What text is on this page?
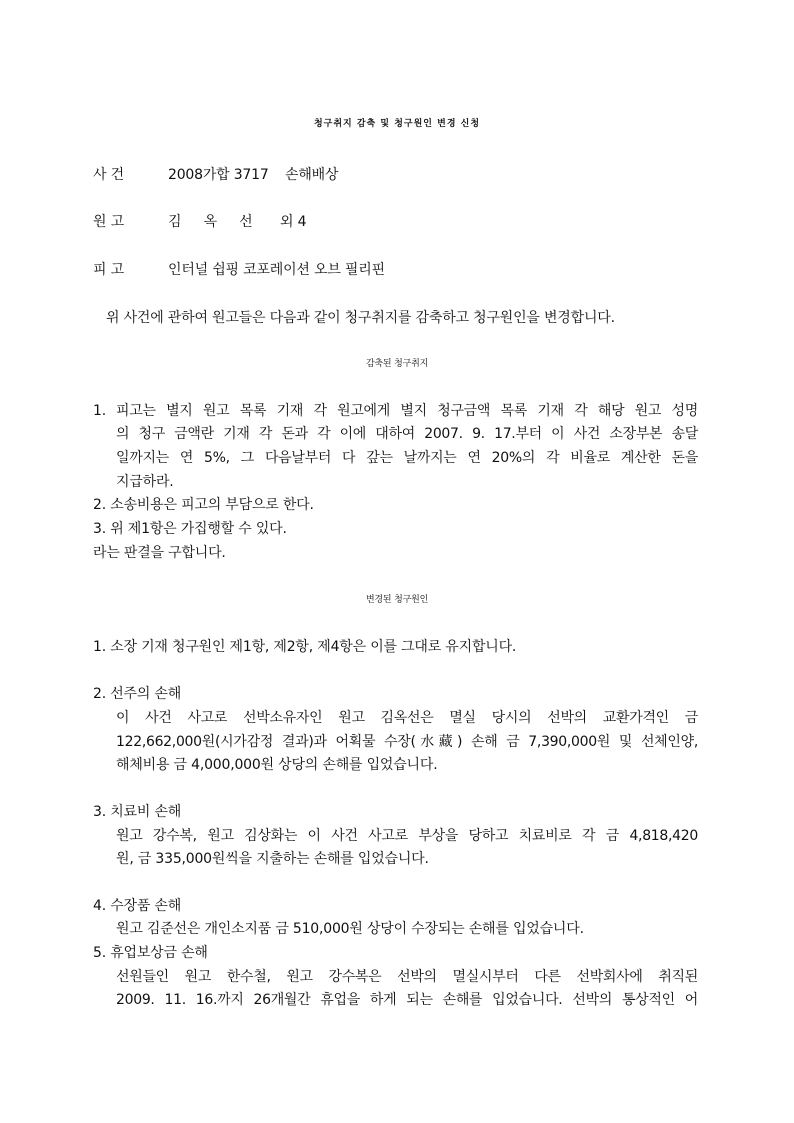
청구취지 감축 및 청구원인 변경 신청
사 건	2008가합 3717 손해배상
원 고	김 옥 선 외 4
피 고	인터널 쉽핑 코포레이션 오브 필리핀
위 사건에 관하여 원고들은 다음과 같이 청구취지를 감축하고 청구원인을 변경합니다.
감축된 청구취지
1. 피고는 별지 원고 목록 기재 각 원고에게 별지 청구금액 목록 기재 각 해당 원고 성명
의 청구 금액란 기재 각 돈과 각 이에 대하여 2007. 9. 17.부터 이 사건 소장부본 송달
일까지는 연 5%, 그 다음날부터 다 갚는 날까지는 연 20%의 각 비율로 계산한 돈을
지급하라.
2. 소송비용은 피고의 부담으로 한다.
3. 위 제1항은 가집행할 수 있다.
라는 판결을 구합니다.
변경된 청구원인
1. 소장 기재 청구원인 제1항, 제2항, 제4항은 이를 그대로 유지합니다.
2. 선주의 손해
이 사건 사고로 선박소유자인 원고 김옥선은 멸실 당시의 선박의 교환가격인 금
122,662,000원(시가감정 결과)과 어획물 수장(水藏) 손해 금 7,390,000원 및 선체인양,
해체비용 금 4,000,000원 상당의 손해를 입었습니다.
3. 치료비 손해
원고 강수복, 원고 김상화는 이 사건 사고로 부상을 당하고 치료비로 각 금 4,818,420
원, 금 335,000원씩을 지출하는 손해를 입었습니다.
4. 수장품 손해
원고 김준선은 개인소지품 금 510,000원 상당이 수장되는 손해를 입었습니다.
5. 휴업보상금 손해
선원들인 원고 한수철, 원고 강수복은 선박의 멸실시부터 다른 선박회사에 취직된
2009. 11. 16.까지 26개월간 휴업을 하게 되는 손해를 입었습니다. 선박의 통상적인 어
